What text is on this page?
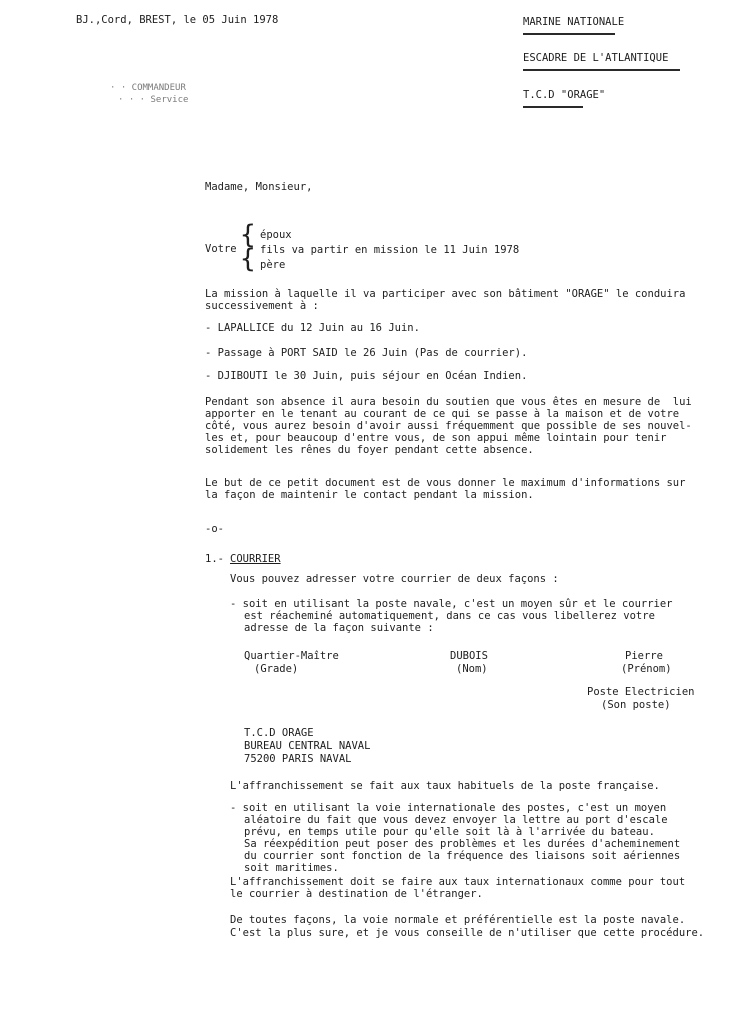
BJ.,Cord, BREST, le 05 Juin 1978
· · COMMANDEUR
· · · Service
MARINE NATIONALE
ESCADRE DE L'ATLANTIQUE
T.C.D "ORAGE"
Madame, Monsieur,
Votre {
{
époux
fils va partir en mission le 11 Juin 1978
père
La mission à laquelle il va participer avec son bâtiment "ORAGE" le conduira
successivement à :
- LAPALLICE du 12 Juin au 16 Juin.
- Passage à PORT SAID le 26 Juin (Pas de courrier).
- DJIBOUTI le 30 Juin, puis séjour en Océan Indien.
Pendant son absence il aura besoin du soutien que vous êtes en mesure de  lui
apporter en le tenant au courant de ce qui se passe à la maison et de votre
côté, vous aurez besoin d'avoir aussi fréquemment que possible de ses nouvel-
les et, pour beaucoup d'entre vous, de son appui même lointain pour tenir
solidement les rênes du foyer pendant cette absence.
Le but de ce petit document est de vous donner le maximum d'informations sur
la façon de maintenir le contact pendant la mission.
-o-
1.- COURRIER
Vous pouvez adresser votre courrier de deux façons :
- soit en utilisant la poste navale, c'est un moyen sûr et le courrier
est réacheminé automatiquement, dans ce cas vous libellerez votre
adresse de la façon suivante :
Quartier-Maître
(Grade)
DUBOIS
(Nom)
Pierre
(Prénom)
Poste Electricien
(Son poste)
T.C.D ORAGE
BUREAU CENTRAL NAVAL
75200 PARIS NAVAL
L'affranchissement se fait aux taux habituels de la poste française.
- soit en utilisant la voie internationale des postes, c'est un moyen
aléatoire du fait que vous devez envoyer la lettre au port d'escale
prévu, en temps utile pour qu'elle soit là à l'arrivée du bateau.
Sa réexpédition peut poser des problèmes et les durées d'acheminement
du courrier sont fonction de la fréquence des liaisons soit aériennes
soit maritimes.
L'affranchissement doit se faire aux taux internationaux comme pour tout
le courrier à destination de l'étranger.
De toutes façons, la voie normale et préférentielle est la poste navale.
C'est la plus sure, et je vous conseille de n'utiliser que cette procédure.
